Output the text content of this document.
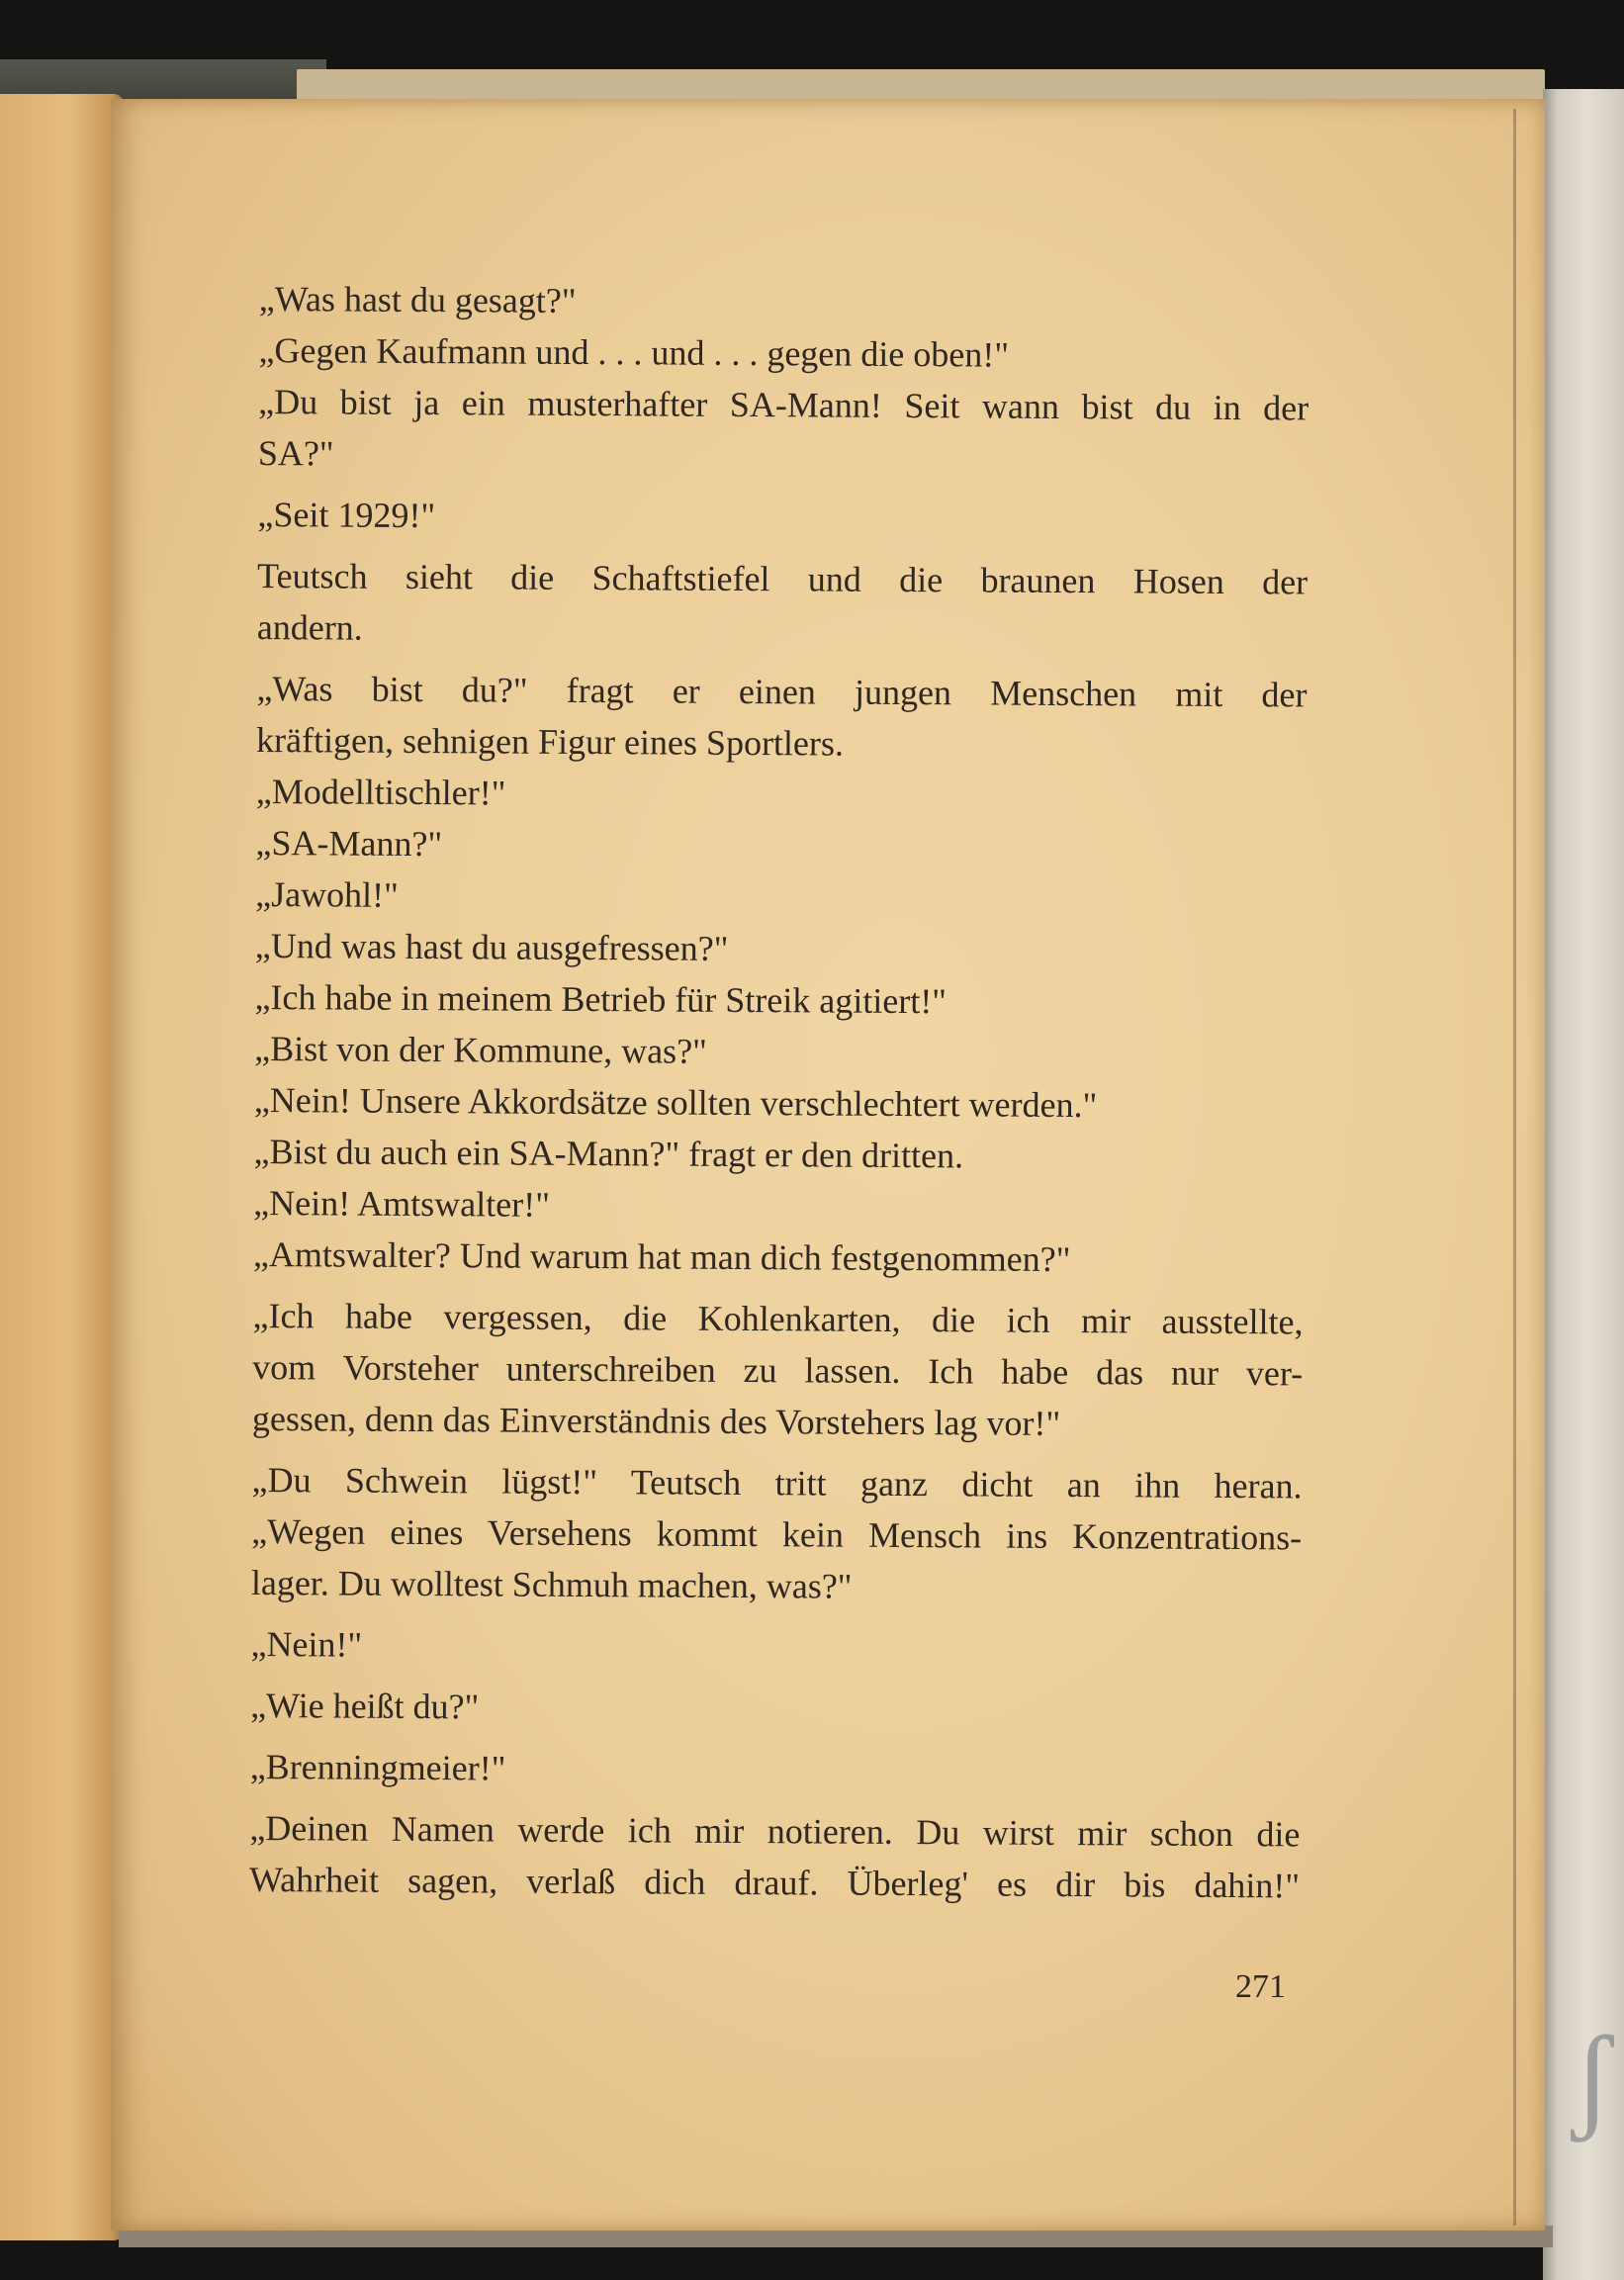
ʃ
„Was hast du gesagt?"
„Gegen Kaufmann und . . . und . . . gegen die oben!"
„Du bist ja ein musterhafter SA-Mann! Seit wann bist du in der
SA?"
„Seit 1929!"
Teutsch sieht die Schaftstiefel und die braunen Hosen der
andern.
„Was bist du?" fragt er einen jungen Menschen mit der
kräftigen, sehnigen Figur eines Sportlers.
„Modelltischler!"
„SA-Mann?"
„Jawohl!"
„Und was hast du ausgefressen?"
„Ich habe in meinem Betrieb für Streik agitiert!"
„Bist von der Kommune, was?"
„Nein! Unsere Akkordsätze sollten verschlechtert werden."
„Bist du auch ein SA-Mann?" fragt er den dritten.
„Nein! Amtswalter!"
„Amtswalter? Und warum hat man dich festgenommen?"
„Ich habe vergessen, die Kohlenkarten, die ich mir ausstellte,
vom Vorsteher unterschreiben zu lassen. Ich habe das nur ver-
gessen, denn das Einverständnis des Vorstehers lag vor!"
„Du Schwein lügst!" Teutsch tritt ganz dicht an ihn heran.
„Wegen eines Versehens kommt kein Mensch ins Konzentrations-
lager. Du wolltest Schmuh machen, was?"
„Nein!"
„Wie heißt du?"
„Brenningmeier!"
„Deinen Namen werde ich mir notieren. Du wirst mir schon die
Wahrheit sagen, verlaß dich drauf. Überleg' es dir bis dahin!"
271
